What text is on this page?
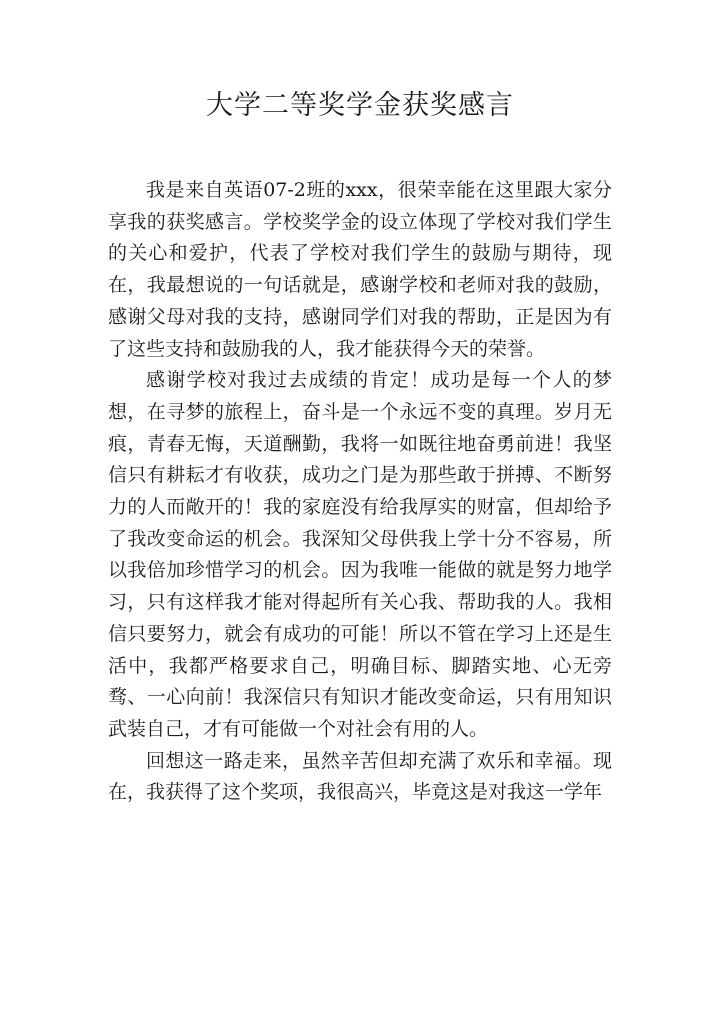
大学二等奖学金获奖感言

我是来自英语07-2班的xxx，很荣幸能在这里跟大家分享我的获奖感言。学校奖学金的设立体现了学校对我们学生的关心和爱护，代表了学校对我们学生的鼓励与期待，现在，我最想说的一句话就是，感谢学校和老师对我的鼓励，感谢父母对我的支持，感谢同学们对我的帮助，正是因为有了这些支持和鼓励我的人，我才能获得今天的荣誉。

感谢学校对我过去成绩的肯定！成功是每一个人的梦想，在寻梦的旅程上，奋斗是一个永远不变的真理。岁月无痕，青春无悔，天道酬勤，我将一如既往地奋勇前进！我坚信只有耕耘才有收获，成功之门是为那些敢于拼搏、不断努力的人而敞开的！我的家庭没有给我厚实的财富，但却给予了我改变命运的机会。我深知父母供我上学十分不容易，所以我倍加珍惜学习的机会。因为我唯一能做的就是努力地学习，只有这样我才能对得起所有关心我、帮助我的人。我相信只要努力，就会有成功的可能！所以不管在学习上还是生活中，我都严格要求自己，明确目标、脚踏实地、心无旁骛、一心向前！我深信只有知识才能改变命运，只有用知识武装自己，才有可能做一个对社会有用的人。

回想这一路走来，虽然辛苦但却充满了欢乐和幸福。现在，我获得了这个奖项，我很高兴，毕竟这是对我这一学年
